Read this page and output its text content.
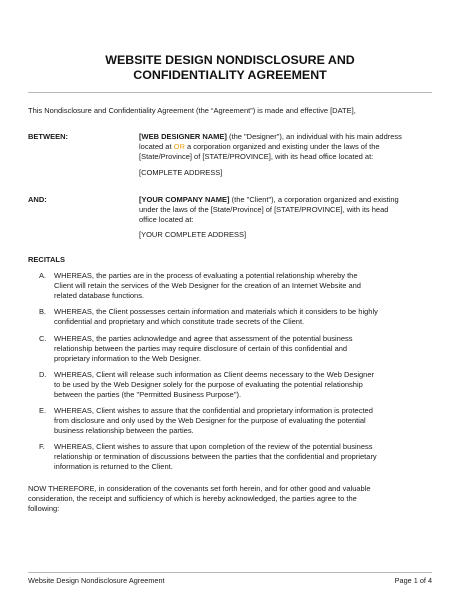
WEBSITE DESIGN NONDISCLOSURE AND
CONFIDENTIALITY AGREEMENT
This Nondisclosure and Confidentiality Agreement (the “Agreement”) is made and effective [DATE],
BETWEEN:	[WEB DESIGNER NAME] (the "Designer"), an individual with his main address
located at OR a corporation organized and existing under the laws of the
[State/Province] of [STATE/PROVINCE], with its head office located at:
[COMPLETE ADDRESS]
AND:	[YOUR COMPANY NAME] (the "Client"), a corporation organized and existing
under the laws of the [State/Province] of [STATE/PROVINCE], with its head
office located at:
[YOUR COMPLETE ADDRESS]
RECITALS
A. WHEREAS, the parties are in the process of evaluating a potential relationship whereby the
Client will retain the services of the Web Designer for the creation of an Internet Website and
related database functions.
B. WHEREAS, the Client possesses certain information and materials which it considers to be highly
confidential and proprietary and which constitute trade secrets of the Client.
C. WHEREAS, the parties acknowledge and agree that assessment of the potential business
relationship between the parties may require disclosure of certain of this confidential and
proprietary information to the Web Designer.
D. WHEREAS, Client will release such information as Client deems necessary to the Web Designer
to be used by the Web Designer solely for the purpose of evaluating the potential relationship
between the parties (the "Permitted Business Purpose").
E. WHEREAS, Client wishes to assure that the confidential and proprietary information is protected
from disclosure and only used by the Web Designer for the purpose of evaluating the potential
business relationship between the parties.
F. WHEREAS, Client wishes to assure that upon completion of the review of the potential business
relationship or termination of discussions between the parties that the confidential and proprietary
information is returned to the Client.
NOW THEREFORE, in consideration of the covenants set forth herein, and for other good and valuable
consideration, the receipt and sufficiency of which is hereby acknowledged, the parties agree to the
following:
Website Design Nondisclosure Agreement	Page 1 of 4
